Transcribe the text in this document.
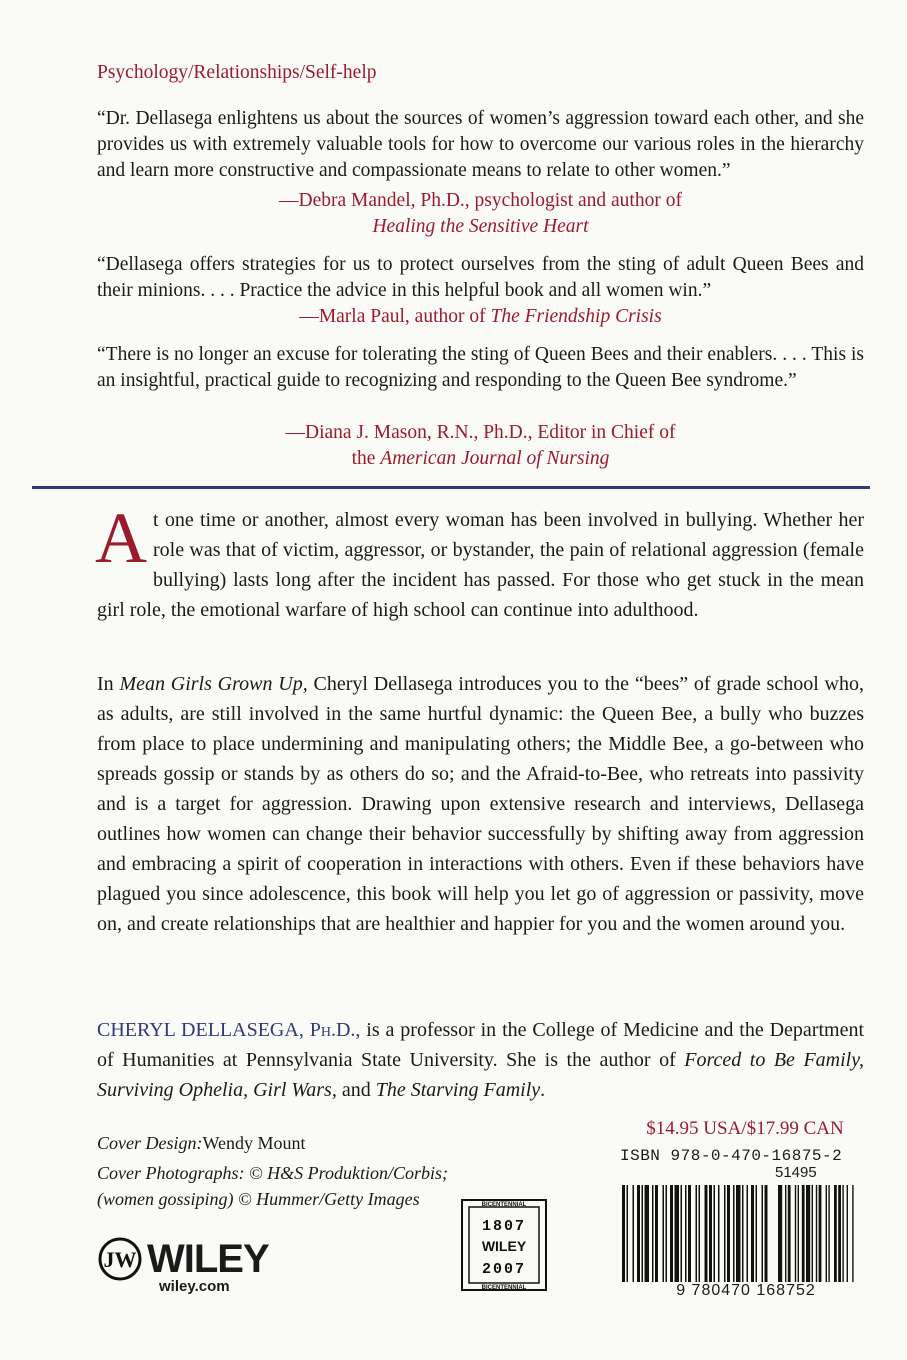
Psychology/Relationships/Self-help
“Dr. Dellasega enlightens us about the sources of women’s aggression toward each other, and she provides us with extremely valuable tools for how to overcome our various roles in the hierarchy and learn more constructive and compassionate means to relate to other women.”
—Debra Mandel, Ph.D., psychologist and author of
Healing the Sensitive Heart
“Dellasega offers strategies for us to protect ourselves from the sting of adult Queen Bees and their minions. . . . Practice the advice in this helpful book and all women win.”
—Marla Paul, author of The Friendship Crisis
“There is no longer an excuse for tolerating the sting of Queen Bees and their enablers. . . . This is an insightful, practical guide to recognizing and responding to the Queen Bee syndrome.”
—Diana J. Mason, R.N., Ph.D., Editor in Chief of
the American Journal of Nursing
At one time or another, almost every woman has been involved in bullying. Whether her role was that of victim, aggressor, or bystander, the pain of relational aggression (female bullying) lasts long after the incident has passed. For those who get stuck in the mean girl role, the emotional warfare of high school can continue into adulthood.
In Mean Girls Grown Up, Cheryl Dellasega introduces you to the “bees” of grade school who, as adults, are still involved in the same hurtful dynamic: the Queen Bee, a bully who buzzes from place to place undermining and manipulating others; the Middle Bee, a go-between who spreads gossip or stands by as others do so; and the Afraid-to-Bee, who retreats into passivity and is a target for aggression. Drawing upon extensive research and interviews, Dellasega outlines how women can change their behavior successfully by shifting away from aggression and embracing a spirit of cooperation in interactions with others. Even if these behaviors have plagued you since adolescence, this book will help you let go of aggression or passivity, move on, and create relationships that are healthier and happier for you and the women around you.
CHERYL DELLASEGA, Ph.D., is a professor in the College of Medicine and the Department of Humanities at Pennsylvania State University. She is the author of Forced to Be Family, Surviving Ophelia, Girl Wars, and The Starving Family.
Cover Design:Wendy Mount
Cover Photographs: © H&S Produktion/Corbis;
(women gossiping) © Hummer/Getty Images
JW WILEY
wiley.com
BICENTENNIAL
BICENTENNIAL
1807
WILEY
2007
$14.95 USA/$17.99 CAN
ISBN 978-0-470-16875-2
51495
9 780470 168752
